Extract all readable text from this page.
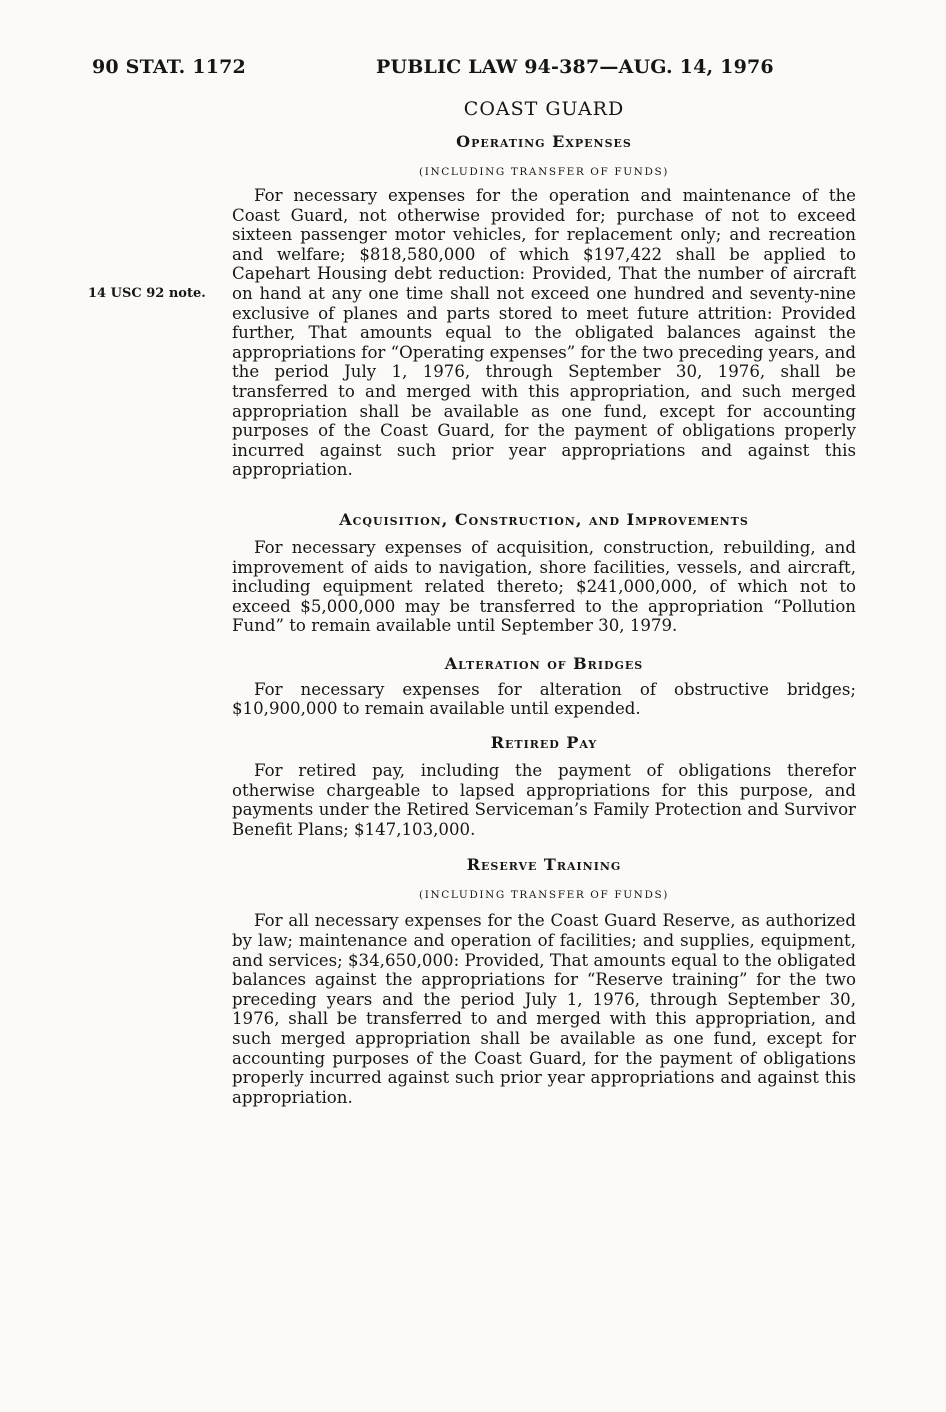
90 STAT. 1172	PUBLIC LAW 94-387—AUG. 14, 1976
14 USC 92 note.
COAST GUARD
Operating Expenses
(INCLUDING TRANSFER OF FUNDS)

For necessary expenses for the operation and maintenance of the Coast Guard, not otherwise provided for; purchase of not to exceed sixteen passenger motor vehicles, for replacement only; and recreation and welfare; $818,580,000 of which $197,422 shall be applied to Capehart Housing debt reduction: Provided, That the number of aircraft on hand at any one time shall not exceed one hundred and seventy-nine exclusive of planes and parts stored to meet future attrition: Provided further, That amounts equal to the obligated balances against the appropriations for “Operating expenses” for the two preceding years, and the period July 1, 1976, through September 30, 1976, shall be transferred to and merged with this appropriation, and such merged appropriation shall be available as one fund, except for accounting purposes of the Coast Guard, for the payment of obligations properly incurred against such prior year appropriations and against this appropriation.

Acquisition, Construction, and Improvements

For necessary expenses of acquisition, construction, rebuilding, and improvement of aids to navigation, shore facilities, vessels, and aircraft, including equipment related thereto; $241,000,000, of which not to exceed $5,000,000 may be transferred to the appropriation “Pollution Fund” to remain available until September 30, 1979.

Alteration of Bridges

For necessary expenses for alteration of obstructive bridges; $10,900,000 to remain available until expended.

Retired Pay

For retired pay, including the payment of obligations therefor otherwise chargeable to lapsed appropriations for this purpose, and payments under the Retired Serviceman’s Family Protection and Survivor Benefit Plans; $147,103,000.

Reserve Training
(INCLUDING TRANSFER OF FUNDS)

For all necessary expenses for the Coast Guard Reserve, as authorized by law; maintenance and operation of facilities; and supplies, equipment, and services; $34,650,000: Provided, That amounts equal to the obligated balances against the appropriations for “Reserve training” for the two preceding years and the period July 1, 1976, through September 30, 1976, shall be transferred to and merged with this appropriation, and such merged appropriation shall be available as one fund, except for accounting purposes of the Coast Guard, for the payment of obligations properly incurred against such prior year appropriations and against this appropriation.
